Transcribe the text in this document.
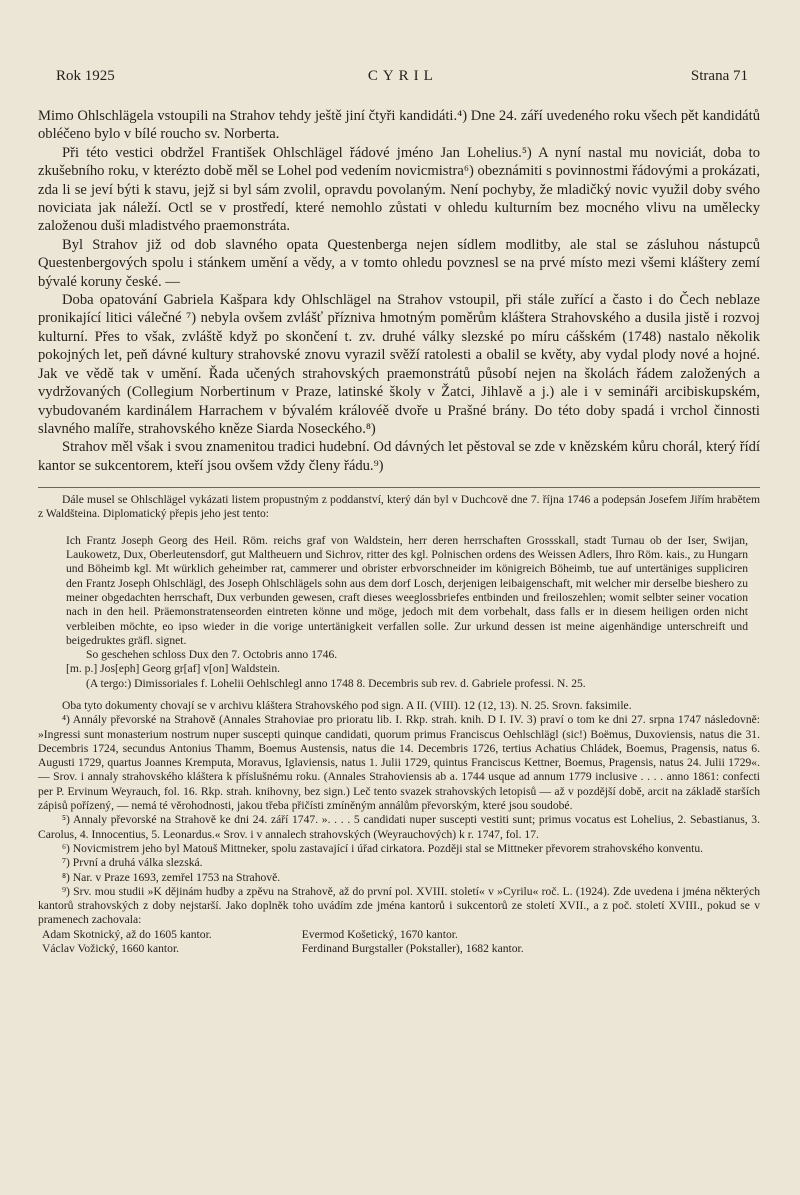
Rok 1925	CYRIL	Strana 71

Mimo Ohlschlägela vstoupili na Strahov tehdy ještě jiní čtyři kandidáti.⁴) Dne 24. září uvedeného roku všech pět kandidátů obléčeno bylo v bílé roucho sv. Norberta.

Při této vestici obdržel František Ohlschlägel řádové jméno Jan Lohelius.⁵) A nyní nastal mu noviciát, doba to zkušebního roku, v kterézto době měl se Lohel pod vedením novicmistra⁶) obeznámiti s povinnostmi řádovými a prokázati, zda li se jeví býti k stavu, jejž si byl sám zvolil, opravdu povolaným. Není pochyby, že mladičký novic využil doby svého noviciata jak náleží. Octl se v prostředí, které nemohlo zůstati v ohledu kulturním bez mocného vlivu na umělecky založenou duši mladistvého praemonstráta.

Byl Strahov již od dob slavného opata Questenberga nejen sídlem modlitby, ale stal se zásluhou nástupců Questenbergových spolu i stánkem umění a vědy, a v tomto ohledu povznesl se na prvé místo mezi všemi kláštery zemí bývalé koruny české. —

Doba opatování Gabriela Kašpara kdy Ohlschlägel na Strahov vstoupil, při stále zuřící a často i do Čech neblaze pronikající litici válečné ⁷) nebyla ovšem zvlášť přízniva hmotným poměrům kláštera Strahovského a dusila jistě i rozvoj kulturní. Přes to však, zvláště když po skončení t. zv. druhé války slezské po míru cášském (1748) nastalo několik pokojných let, peň dávné kultury strahovské znovu vyrazil svěží ratolesti a obalil se květy, aby vydal plody nové a hojné. Jak ve vědě tak v umění. Řada učených strahovských praemonstrátů působí nejen na školách řádem založených a vydržovaných (Collegium Norbertinum v Praze, latinské školy v Žatci, Jihlavě a j.) ale i v semináři arcibiskupském, vybudovaném kardinálem Harrachem v bývalém královéě dvoře u Prašné brány. Do této doby spadá i vrchol činnosti slavného malíře, strahovského kněze Siarda Noseckého.⁸)

Strahov měl však i svou znamenitou tradici hudební. Od dávných let pěstoval se zde v knězském kůru chorál, který řídí kantor se sukcentorem, kteří jsou ovšem vždy členy řádu.⁹)

Dále musel se Ohlschlägel vykázati listem propustným z poddanství, který dán byl v Duchcově dne 7. října 1746 a podepsán Josefem Jiřím hrabětem z Waldšteina. Diplomatický přepis jeho jest tento:

Ich Frantz Joseph Georg des Heil. Röm. reichs graf von Waldstein, herr deren herrschaften Grossskall, stadt Turnau ob der Iser, Swijan, Laukowetz, Dux, Oberleutensdorf, gut Maltheuern und Sichrov, ritter des kgl. Polnischen ordens des Weissen Adlers, Ihro Röm. kais., zu Hungarn und Böheimb kgl. Mt würklich geheimber rat, cammerer und obrister erbvorschneider im königreich Böheimb, tue auf untertäniges suppliciren den Frantz Joseph Ohlschlägl, des Joseph Ohlschlägels sohn aus dem dorf Losch, derjenigen leibaigenschaft, mit welcher mir derselbe bieshero zu meiner obgedachten herrschaft, Dux verbunden gewesen, craft dieses weeglossbriefes entbinden und freiloszehlen; womit selbter seiner vocation nach in den heil. Präemonstratenseorden eintreten könne und möge, jedoch mit dem vorbehalt, dass falls er in diesem heiligen orden nicht verbleiben möchte, eo ipso wieder in die vorige untertänigkeit verfallen solle. Zur urkund dessen ist meine aigenhändige unterschreift und beigedruktes gräfl. signet.

So geschehen schloss Dux den 7. Octobris anno 1746.

[m. p.] Jos[eph] Georg gr[af] v[on] Waldstein.

(A tergo:) Dimissoriales f. Lohelii Oehlschlegl anno 1748 8. Decembris sub rev. d. Gabriele professi. N. 25.

Oba tyto dokumenty chovají se v archivu kláštera Strahovského pod sign. A II. (VIII). 12 (12, 13). N. 25. Srovn. faksimile.

⁴) Annály převorské na Strahově (Annales Strahoviae pro prioratu lib. I. Rkp. strah. knih. D I. IV. 3) praví o tom ke dni 27. srpna 1747 následovně: »Ingressi sunt monasterium nostrum nuper suscepti quinque candidati, quorum primus Franciscus Oehlschlägl (sic!) Boëmus, Duxoviensis, natus die 31. Decembris 1724, secundus Antonius Thamm, Boemus Austensis, natus die 14. Decembris 1726, tertius Achatius Chládek, Boemus, Pragensis, natus 6. Augusti 1729, quartus Joannes Kremputa, Moravus, Iglaviensis, natus 1. Julii 1729, quintus Franciscus Kettner, Boemus, Pragensis, natus 24. Julii 1729«. — Srov. i annaly strahovského kláštera k příslušnému roku. (Annales Strahoviensis ab a. 1744 usque ad annum 1779 inclusive . . . . anno 1861: confecti per P. Ervinum Weyrauch, fol. 16. Rkp. strah. knihovny, bez sign.) Leč tento svazek strahovských letopisů — až v pozdější době, arcit na základě starších zápisů pořízený, — nemá té věrohodnosti, jakou třeba přičísti zmíněným annálům převorským, které jsou soudobé.

⁵) Annaly převorské na Strahově ke dni 24. září 1747. ». . . . 5 candidati nuper suscepti vestiti sunt; primus vocatus est Lohelius, 2. Sebastianus, 3. Carolus, 4. Innocentius, 5. Leonardus.« Srov. i v annalech strahovských (Weyrauchových) k r. 1747, fol. 17.

⁶) Novicmistrem jeho byl Matouš Mittneker, spolu zastavající i úřad cirkatora. Později stal se Mittneker převorem strahovského konventu.

⁷) První a druhá válka slezská.

⁸) Nar. v Praze 1693, zemřel 1753 na Strahově.

⁹) Srv. mou studii »K dějinám hudby a zpěvu na Strahově, až do první pol. XVIII. století« v »Cyrilu« roč. L. (1924). Zde uvedena i jména některých kantorů strahovských z doby nejstarší. Jako doplněk toho uvádím zde jména kantorů i sukcentorů ze století XVII., a z poč. století XVIII., pokud se v pramenech zachovala:

Adam Skotnický, až do 1605 kantor.

Václav Vožický, 1660 kantor.

Evermod Košetický, 1670 kantor.

Ferdinand Burgstaller (Pokstaller), 1682 kantor.
